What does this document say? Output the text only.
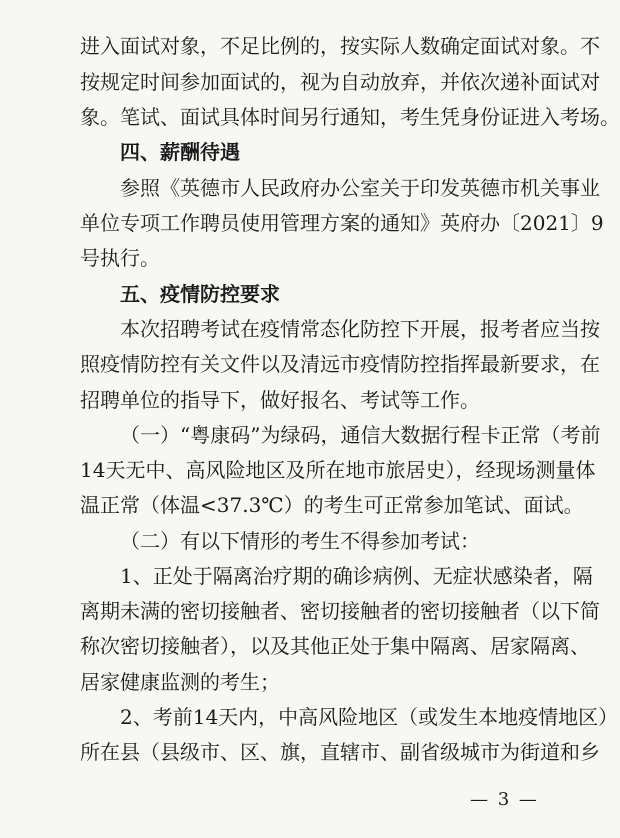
进入面试对象，不足比例的，按实际人数确定面试对象。不
按规定时间参加面试的，视为自动放弃，并依次递补面试对
象。笔试、面试具体时间另行通知，考生凭身份证进入考场。
四、薪酬待遇
参照《英德市人民政府办公室关于印发英德市机关事业
单位专项工作聘员使用管理方案的通知》英府办〔2021〕9
号执行。
五、疫情防控要求
本次招聘考试在疫情常态化防控下开展，报考者应当按
照疫情防控有关文件以及清远市疫情防控指挥最新要求，在
招聘单位的指导下，做好报名、考试等工作。
（一）“粤康码”为绿码，通信大数据行程卡正常（考前
14天无中、高风险地区及所在地市旅居史），经现场测量体
温正常（体温<37.3℃）的考生可正常参加笔试、面试。
（二）有以下情形的考生不得参加考试：
1、正处于隔离治疗期的确诊病例、无症状感染者，隔
离期未满的密切接触者、密切接触者的密切接触者（以下简
称次密切接触者），以及其他正处于集中隔离、居家隔离、
居家健康监测的考生；
2、考前14天内，中高风险地区（或发生本地疫情地区）
所在县（县级市、区、旗，直辖市、副省级城市为街道和乡
— 3 —
